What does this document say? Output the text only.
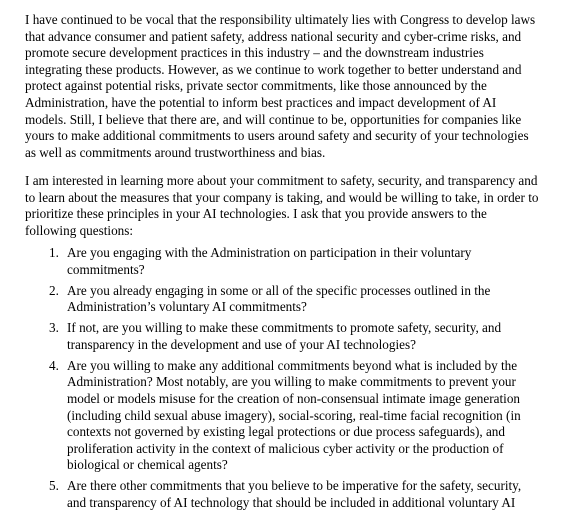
I have continued to be vocal that the responsibility ultimately lies with Congress to develop laws
that advance consumer and patient safety, address national security and cyber-crime risks, and
promote secure development practices in this industry – and the downstream industries
integrating these products. However, as we continue to work together to better understand and
protect against potential risks, private sector commitments, like those announced by the
Administration, have the potential to inform best practices and impact development of AI
models. Still, I believe that there are, and will continue to be, opportunities for companies like
yours to make additional commitments to users around safety and security of your technologies
as well as commitments around trustworthiness and bias.

I am interested in learning more about your commitment to safety, security, and transparency and
to learn about the measures that your company is taking, and would be willing to take, in order to
prioritize these principles in your AI technologies. I ask that you provide answers to the
following questions:

1. Are you engaging with the Administration on participation in their voluntary
commitments?
2. Are you already engaging in some or all of the specific processes outlined in the
Administration’s voluntary AI commitments?
3. If not, are you willing to make these commitments to promote safety, security, and
transparency in the development and use of your AI technologies?
4. Are you willing to make any additional commitments beyond what is included by the
Administration? Most notably, are you willing to make commitments to prevent your
model or models misuse for the creation of non-consensual intimate image generation
(including child sexual abuse imagery), social-scoring, real-time facial recognition (in
contexts not governed by existing legal protections or due process safeguards), and
proliferation activity in the context of malicious cyber activity or the production of
biological or chemical agents?
5. Are there other commitments that you believe to be imperative for the safety, security,
and transparency of AI technology that should be included in additional voluntary AI
